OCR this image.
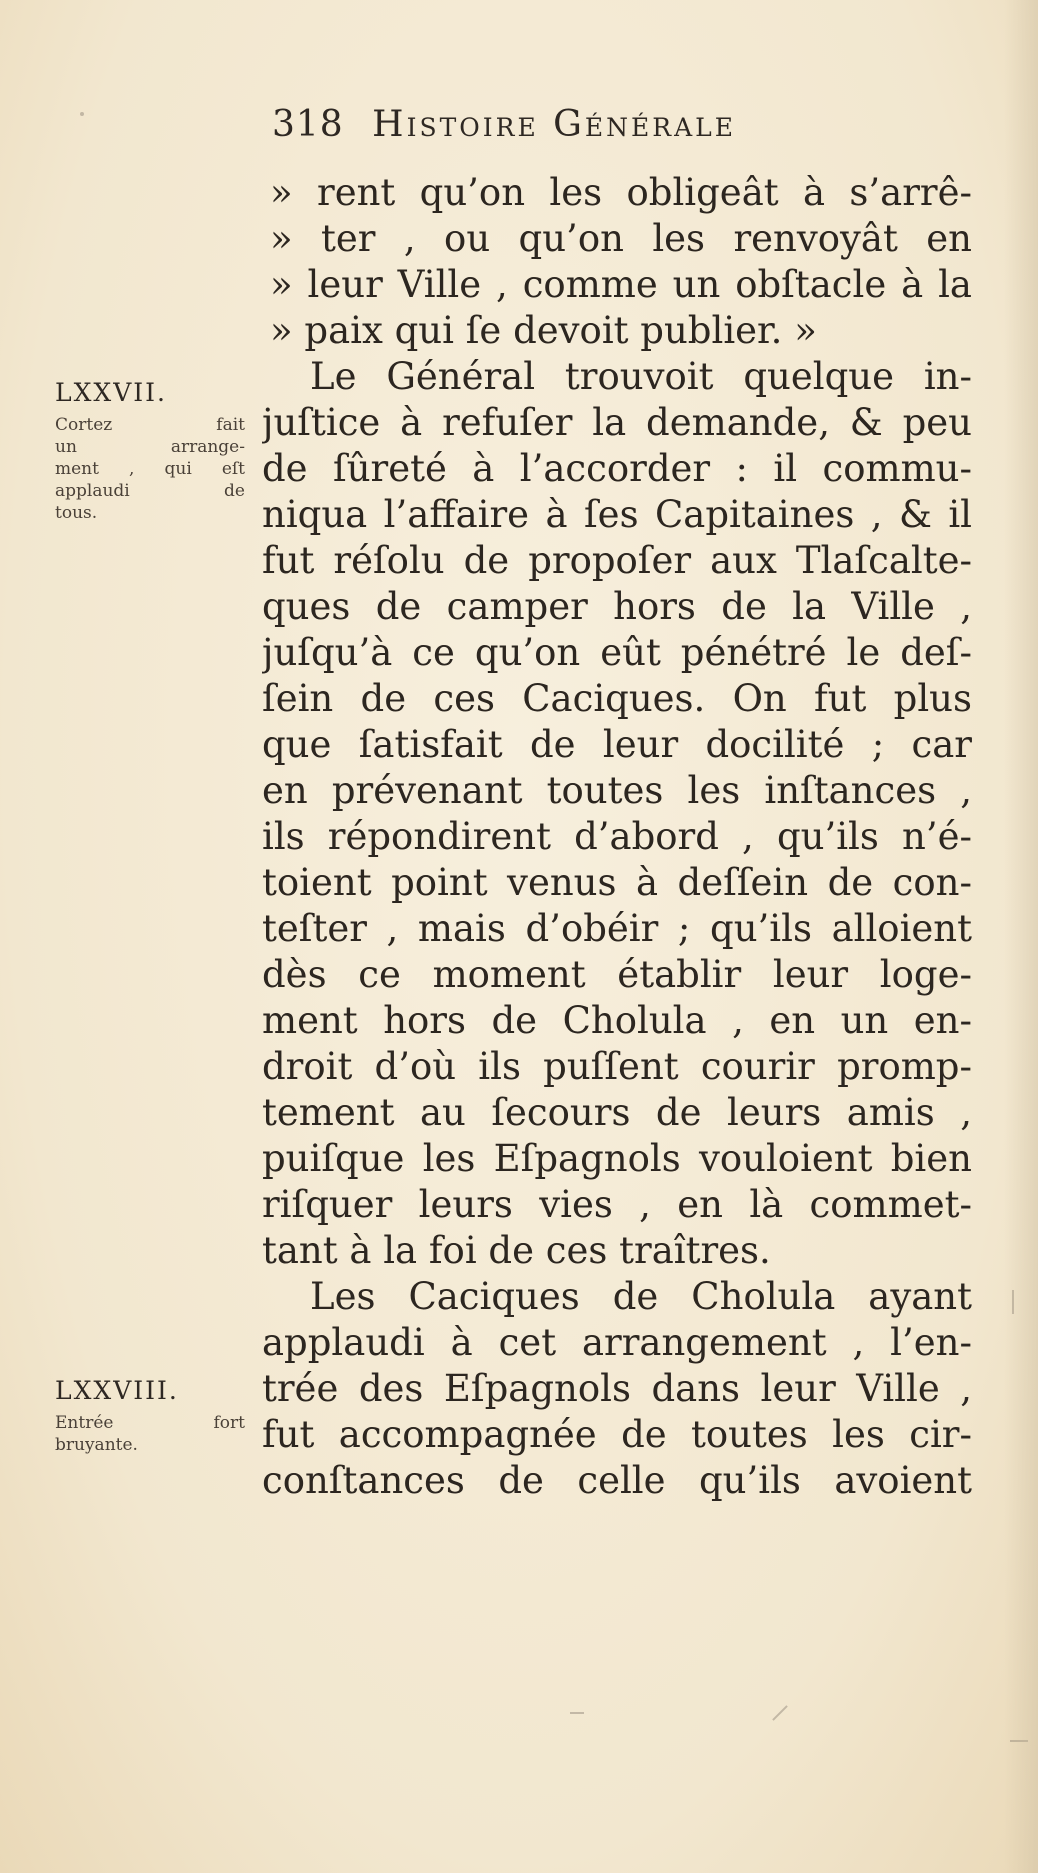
318 Histoire Générale
» rent qu’on les obligeât à s’arrê-
» ter , ou qu’on les renvoyât en
» leur Ville , comme un obſtacle à la
» paix qui ſe devoit publier. »
Le Général trouvoit quelque in-
juſtice à refuſer la demande, & peu
de ſûreté à l’accorder : il commu-
niqua l’affaire à ſes Capitaines , & il
fut réſolu de propoſer aux Tlaſcalte-
ques de camper hors de la Ville ,
juſqu’à ce qu’on eût pénétré le deſ-
ſein de ces Caciques. On fut plus
que ſatisfait de leur docilité ; car
en prévenant toutes les inſtances ,
ils répondirent d’abord , qu’ils n’é-
toient point venus à deſſein de con-
teſter , mais d’obéir ; qu’ils alloient
dès ce moment établir leur loge-
ment hors de Cholula , en un en-
droit d’où ils puſſent courir promp-
tement au ſecours de leurs amis ,
puiſque les Eſpagnols vouloient bien
riſquer leurs vies , en là commet-
tant à la foi de ces traîtres.
Les Caciques de Cholula ayant
applaudi à cet arrangement , l’en-
trée des Eſpagnols dans leur Ville ,
fut accompagnée de toutes les cir-
conſtances de celle qu’ils avoient
LXXVII.
Cortez fait
un arrange-
ment , qui eſt
applaudi de
tous.
LXXVIII.
Entrée fort
bruyante.
